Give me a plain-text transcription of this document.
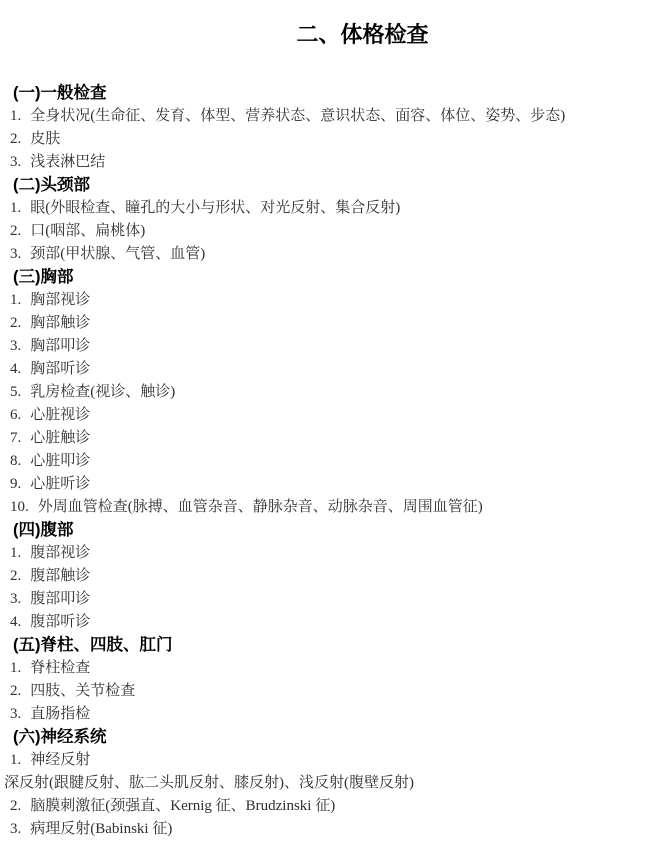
二、体格检查
(一)一般检查
1. 全身状况(生命征、发育、体型、营养状态、意识状态、面容、体位、姿势、步态)
2. 皮肤
3. 浅表淋巴结
(二)头颈部
1. 眼(外眼检查、瞳孔的大小与形状、对光反射、集合反射)
2. 口(咽部、扁桃体)
3. 颈部(甲状腺、气管、血管)
(三)胸部
1. 胸部视诊
2. 胸部触诊
3. 胸部叩诊
4. 胸部听诊
5. 乳房检查(视诊、触诊)
6. 心脏视诊
7. 心脏触诊
8. 心脏叩诊
9. 心脏听诊
10. 外周血管检查(脉搏、血管杂音、静脉杂音、动脉杂音、周围血管征)
(四)腹部
1. 腹部视诊
2. 腹部触诊
3. 腹部叩诊
4. 腹部听诊
(五)脊柱、四肢、肛门
1. 脊柱检查
2. 四肢、关节检查
3. 直肠指检
(六)神经系统
1. 神经反射
深反射(跟腱反射、肱二头肌反射、膝反射)、浅反射(腹壁反射)
2. 脑膜刺激征(颈强直、Kernig 征、Brudzinski 征)
3. 病理反射(Babinski 征)
